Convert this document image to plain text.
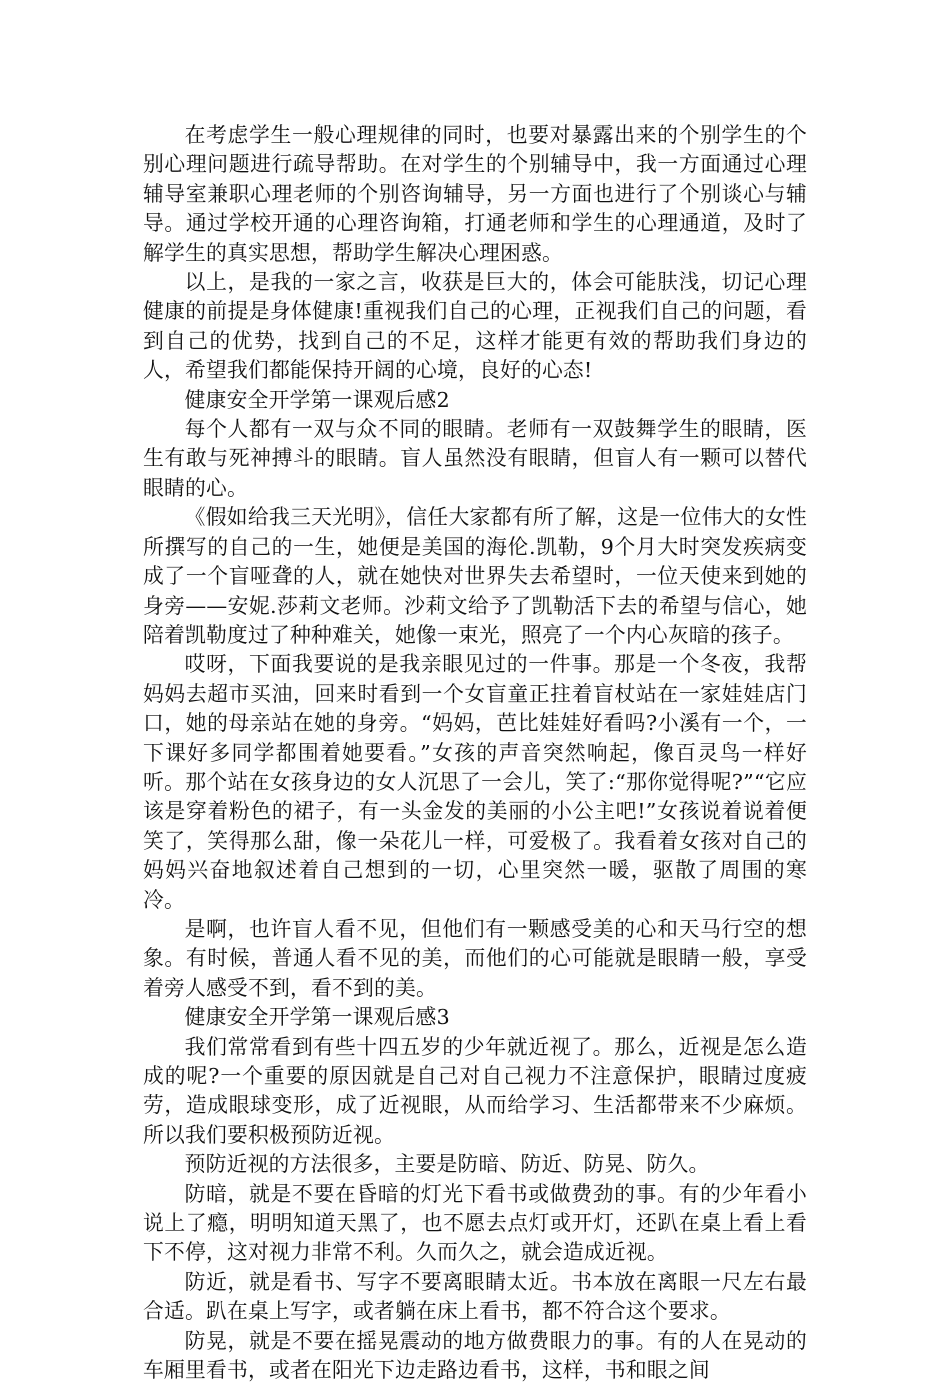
在考虑学生一般心理规律的同时，也要对暴露出来的个别学生的个别心理问题进行疏导帮助。在对学生的个别辅导中，我一方面通过心理辅导室兼职心理老师的个别咨询辅导，另一方面也进行了个别谈心与辅导。通过学校开通的心理咨询箱，打通老师和学生的心理通道，及时了解学生的真实思想，帮助学生解决心理困惑。

以上，是我的一家之言，收获是巨大的，体会可能肤浅，切记心理健康的前提是身体健康!重视我们自己的心理，正视我们自己的问题，看到自己的优势，找到自己的不足，这样才能更有效的帮助我们身边的人，希望我们都能保持开阔的心境，良好的心态!

健康安全开学第一课观后感2

每个人都有一双与众不同的眼睛。老师有一双鼓舞学生的眼睛，医生有敢与死神搏斗的眼睛。盲人虽然没有眼睛，但盲人有一颗可以替代眼睛的心。

《假如给我三天光明》，信任大家都有所了解，这是一位伟大的女性所撰写的自己的一生，她便是美国的海伦.凯勒，9个月大时突发疾病变成了一个盲哑聋的人，就在她快对世界失去希望时，一位天使来到她的身旁——安妮.莎莉文老师。沙莉文给予了凯勒活下去的希望与信心，她陪着凯勒度过了种种难关，她像一束光，照亮了一个内心灰暗的孩子。

哎呀，下面我要说的是我亲眼见过的一件事。那是一个冬夜，我帮妈妈去超市买油，回来时看到一个女盲童正拄着盲杖站在一家娃娃店门口，她的母亲站在她的身旁。“妈妈，芭比娃娃好看吗?小溪有一个，一下课好多同学都围着她要看。”女孩的声音突然响起，像百灵鸟一样好听。那个站在女孩身边的女人沉思了一会儿，笑了:“那你觉得呢?”“它应该是穿着粉色的裙子，有一头金发的美丽的小公主吧!”女孩说着说着便笑了，笑得那么甜，像一朵花儿一样，可爱极了。我看着女孩对自己的妈妈兴奋地叙述着自己想到的一切，心里突然一暖，驱散了周围的寒冷。

是啊，也许盲人看不见，但他们有一颗感受美的心和天马行空的想象。有时候，普通人看不见的美，而他们的心可能就是眼睛一般，享受着旁人感受不到，看不到的美。

健康安全开学第一课观后感3

我们常常看到有些十四五岁的少年就近视了。那么，近视是怎么造成的呢?一个重要的原因就是自己对自己视力不注意保护，眼睛过度疲劳，造成眼球变形，成了近视眼，从而给学习、生活都带来不少麻烦。所以我们要积极预防近视。

预防近视的方法很多，主要是防暗、防近、防晃、防久。

防暗，就是不要在昏暗的灯光下看书或做费劲的事。有的少年看小说上了瘾，明明知道天黑了，也不愿去点灯或开灯，还趴在桌上看上看下不停，这对视力非常不利。久而久之，就会造成近视。

防近，就是看书、写字不要离眼睛太近。书本放在离眼一尺左右最合适。趴在桌上写字，或者躺在床上看书，都不符合这个要求。

防晃，就是不要在摇晃震动的地方做费眼力的事。有的人在晃动的车厢里看书，或者在阳光下边走路边看书，这样，书和眼之间
